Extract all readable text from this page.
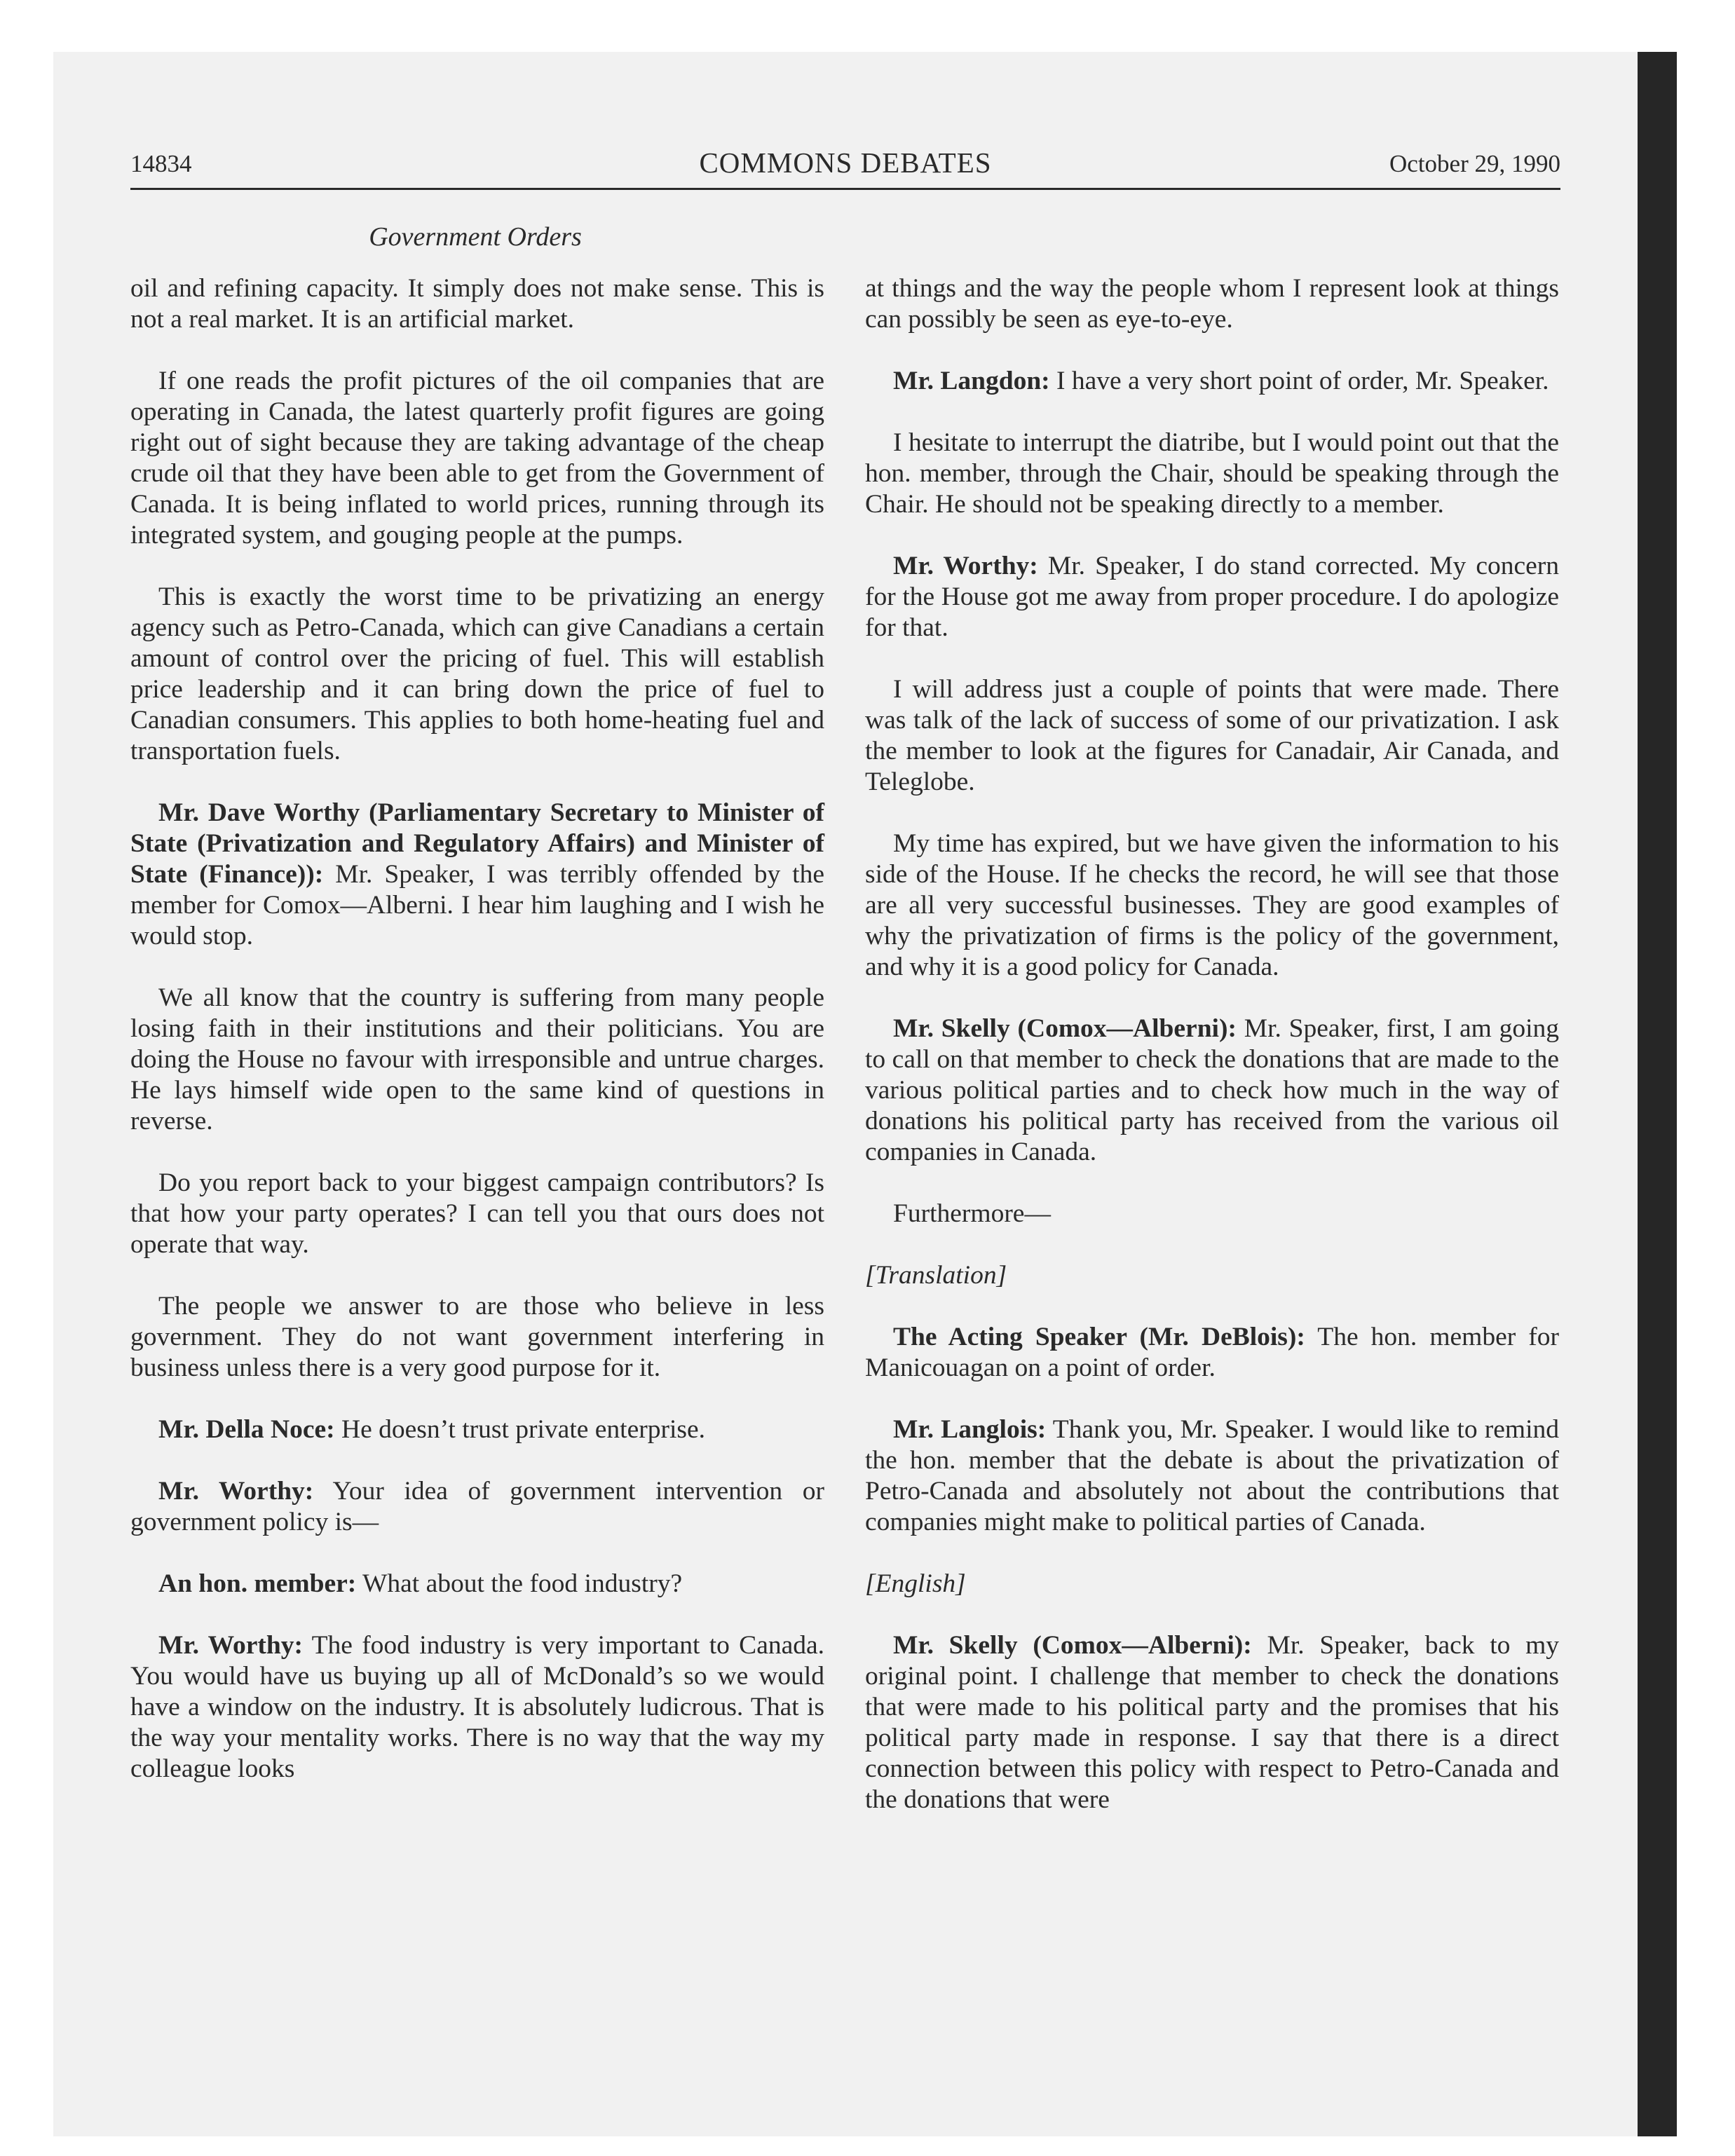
14834	COMMONS DEBATES	October 29, 1990
Government Orders

oil and refining capacity. It simply does not make sense. This is not a real market. It is an artificial market.

If one reads the profit pictures of the oil companies that are operating in Canada, the latest quarterly profit figures are going right out of sight because they are taking advantage of the cheap crude oil that they have been able to get from the Government of Canada. It is being inflated to world prices, running through its integrated system, and gouging people at the pumps.

This is exactly the worst time to be privatizing an energy agency such as Petro-Canada, which can give Canadians a certain amount of control over the pricing of fuel. This will establish price leadership and it can bring down the price of fuel to Canadian consumers. This applies to both home-heating fuel and transportation fuels.

Mr. Dave Worthy (Parliamentary Secretary to Minister of State (Privatization and Regulatory Affairs) and Minister of State (Finance)): Mr. Speaker, I was terribly offended by the member for Comox—Alberni. I hear him laughing and I wish he would stop.

We all know that the country is suffering from many people losing faith in their institutions and their politicians. You are doing the House no favour with irresponsible and untrue charges. He lays himself wide open to the same kind of questions in reverse.

Do you report back to your biggest campaign contributors? Is that how your party operates? I can tell you that ours does not operate that way.

The people we answer to are those who believe in less government. They do not want government interfering in business unless there is a very good purpose for it.

Mr. Della Noce: He doesn’t trust private enterprise.

Mr. Worthy: Your idea of government intervention or government policy is—

An hon. member: What about the food industry?

Mr. Worthy: The food industry is very important to Canada. You would have us buying up all of McDonald’s so we would have a window on the industry. It is absolutely ludicrous. That is the way your mentality works. There is no way that the way my colleague looks

at things and the way the people whom I represent look at things can possibly be seen as eye-to-eye.

Mr. Langdon: I have a very short point of order, Mr. Speaker.

I hesitate to interrupt the diatribe, but I would point out that the hon. member, through the Chair, should be speaking through the Chair. He should not be speaking directly to a member.

Mr. Worthy: Mr. Speaker, I do stand corrected. My concern for the House got me away from proper procedure. I do apologize for that.

I will address just a couple of points that were made. There was talk of the lack of success of some of our privatization. I ask the member to look at the figures for Canadair, Air Canada, and Teleglobe.

My time has expired, but we have given the information to his side of the House. If he checks the record, he will see that those are all very successful businesses. They are good examples of why the privatization of firms is the policy of the government, and why it is a good policy for Canada.

Mr. Skelly (Comox—Alberni): Mr. Speaker, first, I am going to call on that member to check the donations that are made to the various political parties and to check how much in the way of donations his political party has received from the various oil companies in Canada.

Furthermore—

[Translation]

The Acting Speaker (Mr. DeBlois): The hon. member for Manicouagan on a point of order.

Mr. Langlois: Thank you, Mr. Speaker. I would like to remind the hon. member that the debate is about the privatization of Petro-Canada and absolutely not about the contributions that companies might make to political parties of Canada.

[English]

Mr. Skelly (Comox—Alberni): Mr. Speaker, back to my original point. I challenge that member to check the donations that were made to his political party and the promises that his political party made in response. I say that there is a direct connection between this policy with respect to Petro-Canada and the donations that were
